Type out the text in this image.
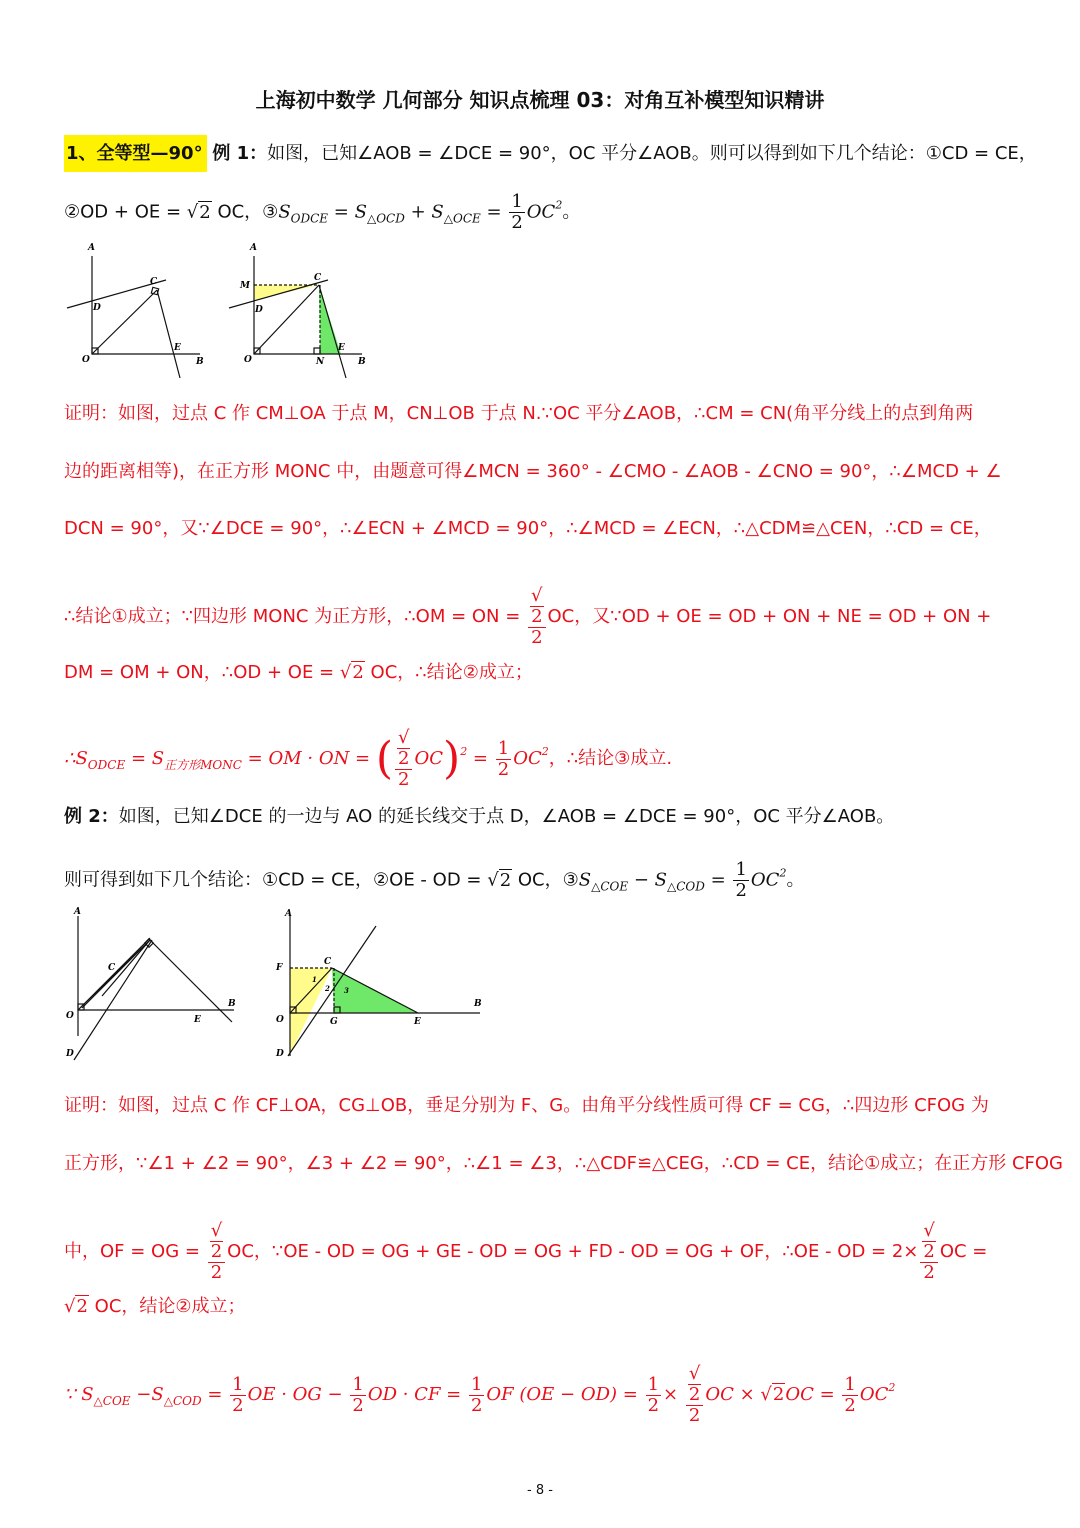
上海初中数学 几何部分 知识点梳理 03：对角互补模型知识精讲
1、全等型—90° 例 1：如图，已知∠AOB = ∠DCE = 90°，OC 平分∠AOB。则可以得到如下几个结论：①CD = CE，
②OD + OE = √2 OC，$③S_{ODCE} = S_{\triangle OCD} + S_{\triangle OCE} = \frac{1}{2} OC^2$。
A
O	B
C
D
E
A
O	B
C
D
E
M
N
证明：如图，过点 C 作 CM⊥OA 于点 M，CN⊥OB 于点 N.∵OC 平分∠AOB，∴CM = CN(角平分线上的点到角两
边的距离相等)，在正方形 MONC 中，由题意可得∠MCN = 360° - ∠CMO - ∠AOB - ∠CNO = 90°，∴∠MCD + ∠
DCN = 90°，又∵∠DCE = 90°，∴∠ECN + ∠MCD = 90°，∴∠MCD = ∠ECN，∴△CDM≌△CEN，∴CD = CE，
∴结论①成立；∵四边形 MONC 为正方形，∴OM = ON = √
2
2 OC，又∵OD + OE = OD + ON + NE = OD + ON +
DM = OM + ON，∴OD + OE = √2 OC，∴结论②成立；
$\therefore S_{ODCE} = S_{正方形MONC}$ = OM · ON = ( √
2
2 $OC)^2 = \frac{1}{2} OC^2$，∴结论③成立.
例 2：如图，已知∠DCE 的一边与 AO 的延长线交于点 D，∠AOB = ∠DCE = 90°，OC 平分∠AOB。
则可得到如下几个结论：①CD = CE，②OE - OD = √2 OC，$③S_{\triangle COE} - S_{\triangle COD} = \frac{1}{2} OC^2$。
A
O
B
C
D
E
A
O
B
C
D
E
F
G
1
2 3
证明：如图，过点 C 作 CF⊥OA，CG⊥OB，垂足分别为 F、G。由角平分线性质可得 CF = CG，∴四边形 CFOG 为
正方形，∵∠1 + ∠2 = 90°，∠3 + ∠2 = 90°，∴∠1 = ∠3，∴△CDF≌△CEG，∴CD = CE，结论①成立；在正方形 CFOG
中，OF = OG = √
2
2 OC，∵OE - OD = OG + GE - OD = OG + FD - OD = OG + OF，∴OE - OD = 2× √
2
2 OC =
√2 OC，结论②成立；
∵ $S_{\triangle COE} -S_{\triangle COD} = \frac{1}{2}$ OE · OG − $\frac{1}{2}$ OD · CF = $\frac{1}{2}$ OF $(OE - OD) = \frac{1}{2}$ × √
2
2 OC × $√2OC = \frac{1}{2} OC^2$
- 8 -
